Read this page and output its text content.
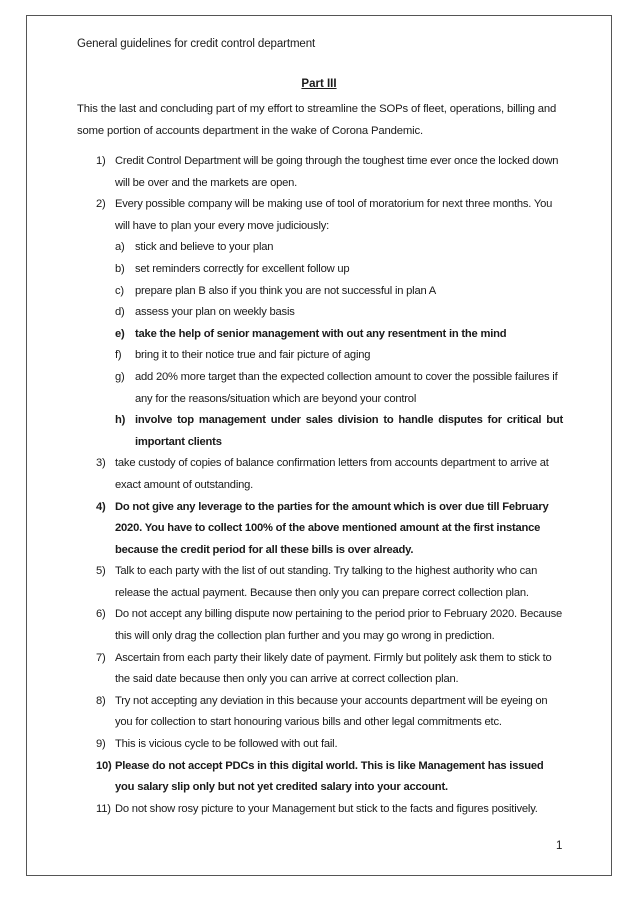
General guidelines for credit control department
Part III
This the last and concluding part of my effort to streamline the SOPs of fleet, operations, billing and some portion of accounts department in the wake of Corona Pandemic.
1) Credit Control Department will be going through the toughest time ever once the locked down will be over and the markets are open.
2) Every possible company will be making use of tool of moratorium for next three months. You will have to plan your every move judiciously:
a) stick and believe to your plan
b) set reminders correctly for excellent follow up
c) prepare plan B also if you think you are not successful in plan A
d) assess your plan on weekly basis
e) take the help of senior management with out any resentment in the mind
f) bring it to their notice true and fair picture of aging
g) add 20% more target than the expected collection amount to cover the possible failures if any for the reasons/situation which are beyond your control
h) involve top management under sales division to handle disputes for critical but important clients
3) take custody of copies of balance confirmation letters from accounts department to arrive at exact amount of outstanding.
4) Do not give any leverage to the parties for the amount which is over due till February 2020. You have to collect 100% of the above mentioned amount at the first instance because the credit period for all these bills is over already.
5) Talk to each party with the list of out standing. Try talking to the highest authority who can release the actual payment. Because then only you can prepare correct collection plan.
6) Do not accept any billing dispute now pertaining to the period prior to February 2020. Because this will only drag the collection plan further and you may go wrong in prediction.
7) Ascertain from each party their likely date of payment. Firmly but politely ask them to stick to the said date because then only you can arrive at correct collection plan.
8) Try not accepting any deviation in this because your accounts department will be eyeing on you for collection to start honouring various bills and other legal commitments etc.
9) This is vicious cycle to be followed with out fail.
10) Please do not accept PDCs in this digital world. This is like Management has issued you salary slip only but not yet credited salary into your account.
11) Do not show rosy picture to your Management but stick to the facts and figures positively.
1
